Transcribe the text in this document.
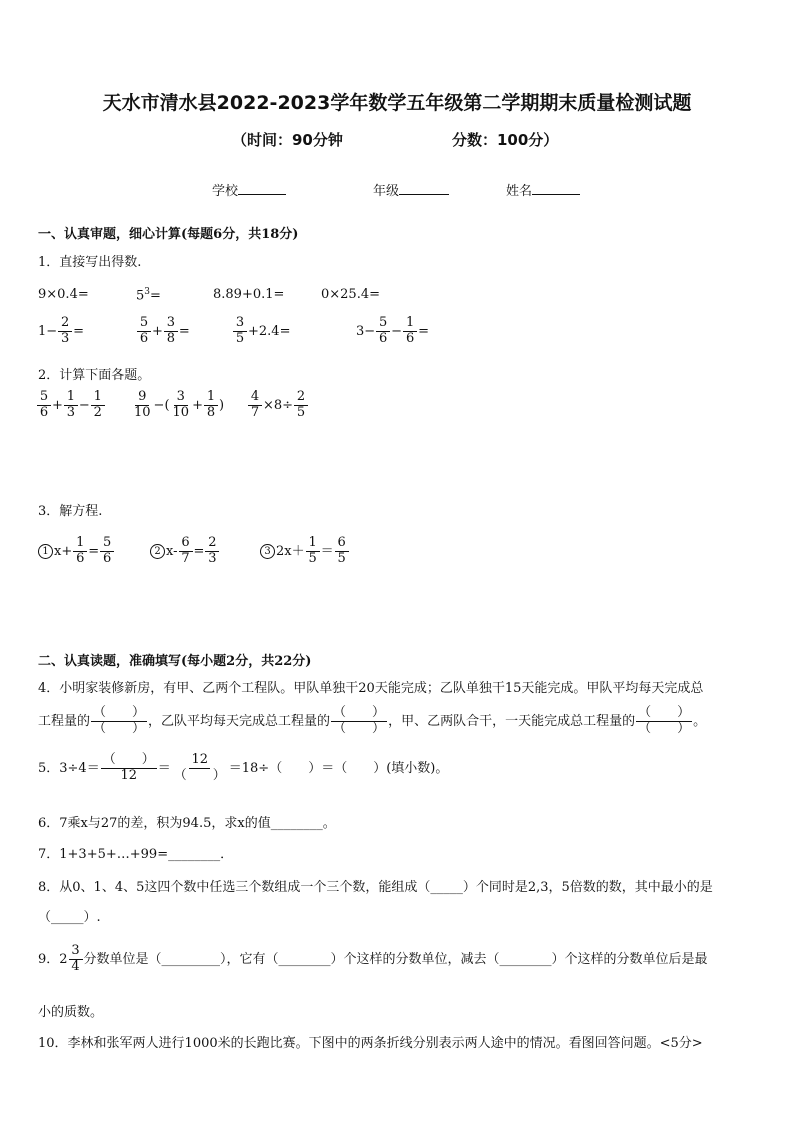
天水市清水县2022-2023学年数学五年级第二学期期末质量检测试题
（时间：90分钟	分数：100分）
学校	年级	姓名
一、认真审题，细心计算(每题6分，共18分)
1．直接写出得数.
9×0.4=	$5^3=$	8.89+0.1=	0×25.4=
$1- \frac{2}{3}$ =	$\frac{5}{6} + \frac{3}{8}$ =	$\frac{3}{5} +2.4=$	$3- \frac{5}{6} - \frac{1}{6}$ =
2．计算下面各题。
$\frac{5}{6} + \frac{1}{3} - \frac{1}{2} \frac{9}{10}$ −( $\frac{3}{10} + \frac{1}{8}$ ) $\frac{4}{7} \times 8\div \frac{2}{5}$
3．解方程.
1 $x+ \frac{1}{6} = \frac{5}{6}$	2 $x- \frac{6}{7} = \frac{2}{3}$	3 $2x+ \frac{1}{5} = \frac{6}{5}$
二、认真读题，准确填写(每小题2分，共22分)
4．小明家装修新房，有甲、乙两个工程队。甲队单独干20天能完成；乙队单独干15天能完成。甲队平均每天完成总
工程量的 $\frac{( )}{( )}$ ，乙队平均每天完成总工程量的 $\frac{( )}{( )}$ ，甲、乙两队合干，一天能完成总工程量的 $\frac{( )}{( )}$ 。
5．$3\div 4= \frac{( )}{12} = \frac{12}{( )} =18\div$（　　）＝（　　）(填小数)。
6．7乘x与27的差，积为94.5，求x的值________。
7．1+3+5+…+99=________．
8．从0、1、4、5这四个数中任选三个数组成一个三个数，能组成（_____）个同时是2,3，5倍数的数，其中最小的是
（_____）.
9．$2 \frac{3}{4}$ 分数单位是（_________），它有（________）个这样的分数单位，减去（________）个这样的分数单位后是最
小的质数。
10．李林和张军两人进行1000米的长跑比赛。下图中的两条折线分别表示两人途中的情况。看图回答问题。<5分>
